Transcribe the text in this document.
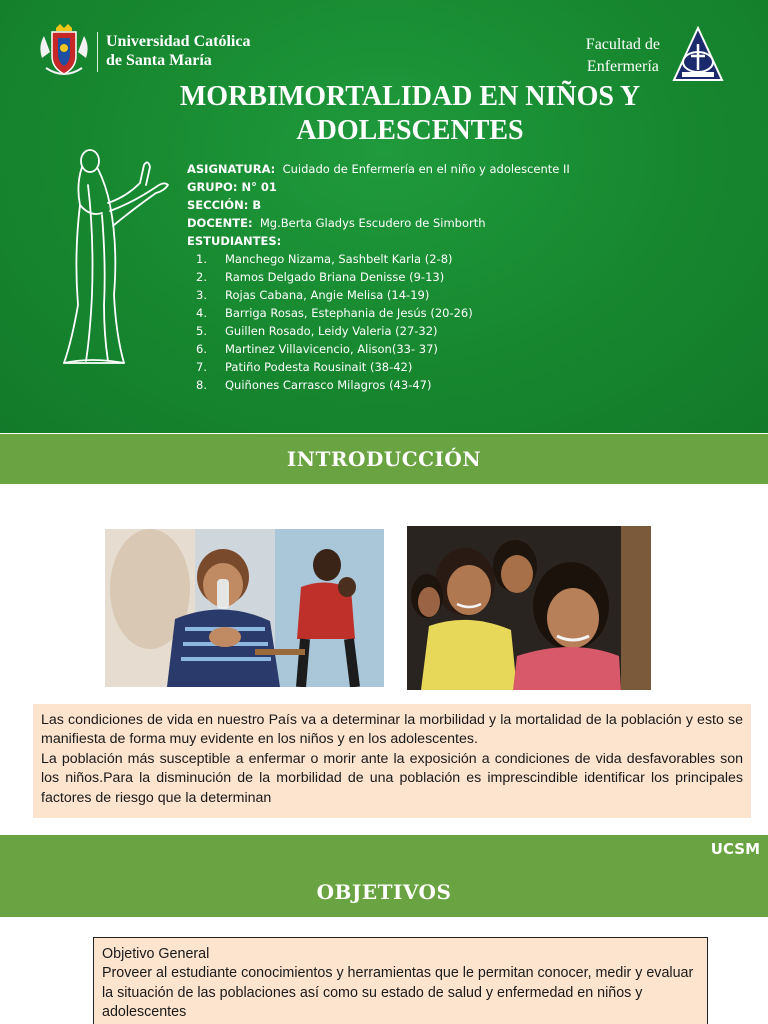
Universidad Católica
de Santa María
Facultad de
Enfermería
MORBIMORTALIDAD EN NIÑOS Y
ADOLESCENTES
ASIGNATURA: Cuidado de Enfermería en el niño y adolescente II
GRUPO: N° 01
SECCIÓN: B
DOCENTE: Mg.Berta Gladys Escudero de Simborth
ESTUDIANTES:
1.	Manchego Nizama, Sashbelt Karla (2-8)
2.	Ramos Delgado Briana Denisse (9-13)
3.	Rojas Cabana, Angie Melisa (14-19)
4.	Barriga Rosas, Estephania de Jesús (20-26)
5.	Guillen Rosado, Leidy Valeria (27-32)
6.	Martinez Villavicencio, Alison(33- 37)
7.	Patiño Podesta Rousinait (38-42)
8.	Quiñones Carrasco Milagros (43-47)
INTRODUCCIÓN

Las condiciones de vida en nuestro País va a determinar la morbilidad y la mortalidad de la población y esto se manifiesta de forma muy evidente en los niños y en los adolescentes.

La población más susceptible a enfermar o morir ante la exposición a condiciones de vida desfavorables son los niños.Para la disminución de la morbilidad de una población es imprescindible identificar los principales factores de riesgo que la determinan

UCSM
OBJETIVOS
Objetivo General
Proveer al estudiante conocimientos y herramientas que le permitan conocer, medir y evaluar la situación de las poblaciones así como su estado de salud y enfermedad en niños y adolescentes
